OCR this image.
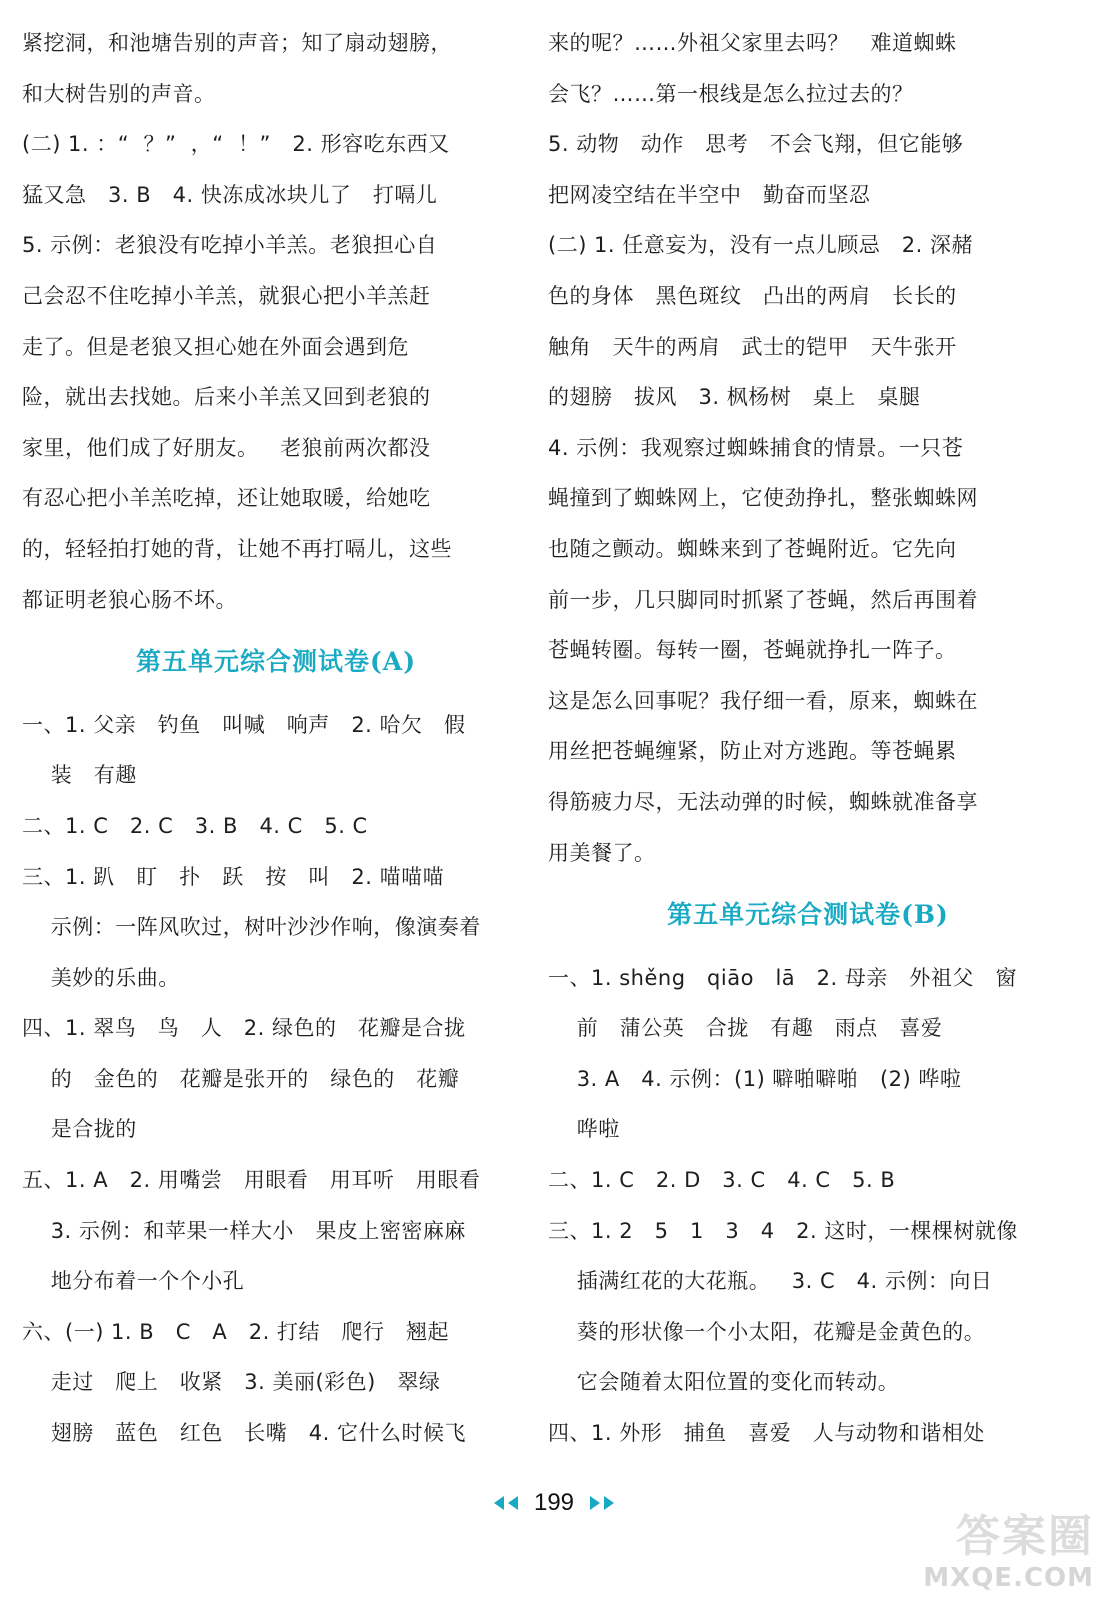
紧挖洞，和池塘告别的声音；知了扇动翅膀，
和大树告别的声音。
(二) 1. ：“  ？”  ，“  ！”   2. 形容吃东西又
猛又急   3. B   4. 快冻成冰块儿了   打嗝儿
5. 示例：老狼没有吃掉小羊羔。老狼担心自
己会忍不住吃掉小羊羔，就狠心把小羊羔赶
走了。但是老狼又担心她在外面会遇到危
险，就出去找她。后来小羊羔又回到老狼的
家里，他们成了好朋友。   老狼前两次都没
有忍心把小羊羔吃掉，还让她取暖，给她吃
的，轻轻拍打她的背，让她不再打嗝儿，这些
都证明老狼心肠不坏。
第五单元综合测试卷(A)
一、1. 父亲   钓鱼   叫喊   响声   2. 哈欠   假
装   有趣
二、1. C   2. C   3. B   4. C   5. C
三、1. 趴   盯   扑   跃   按   叫   2. 喵喵喵
示例：一阵风吹过，树叶沙沙作响，像演奏着
美妙的乐曲。
四、1. 翠鸟   鸟   人   2. 绿色的   花瓣是合拢
的   金色的   花瓣是张开的   绿色的   花瓣
是合拢的
五、1. A   2. 用嘴尝   用眼看   用耳听   用眼看
3. 示例：和苹果一样大小   果皮上密密麻麻
地分布着一个个小孔
六、(一) 1. B   C   A   2. 打结   爬行   翘起
走过   爬上   收紧   3. 美丽(彩色)   翠绿
翅膀   蓝色   红色   长嘴   4. 它什么时候飞
来的呢？……外祖父家里去吗？   难道蜘蛛
会飞？……第一根线是怎么拉过去的？
5. 动物   动作   思考   不会飞翔，但它能够
把网凌空结在半空中   勤奋而坚忍
(二) 1. 任意妄为，没有一点儿顾忌   2. 深赭
色的身体   黑色斑纹   凸出的两肩   长长的
触角   天牛的两肩   武士的铠甲   天牛张开
的翅膀   拔风   3. 枫杨树   桌上   桌腿
4. 示例：我观察过蜘蛛捕食的情景。一只苍
蝇撞到了蜘蛛网上，它使劲挣扎，整张蜘蛛网
也随之颤动。蜘蛛来到了苍蝇附近。它先向
前一步，几只脚同时抓紧了苍蝇，然后再围着
苍蝇转圈。每转一圈，苍蝇就挣扎一阵子。
这是怎么回事呢？我仔细一看，原来，蜘蛛在
用丝把苍蝇缠紧，防止对方逃跑。等苍蝇累
得筋疲力尽，无法动弹的时候，蜘蛛就准备享
用美餐了。
第五单元综合测试卷(B)
一、1. shěng   qiāo   lā   2. 母亲   外祖父   窗
前   蒲公英   合拢   有趣   雨点   喜爱
3. A   4. 示例：(1) 噼啪噼啪   (2) 哗啦
哗啦
二、1. C   2. D   3. C   4. C   5. B
三、1. 2   5   1   3   4   2. 这时，一棵棵树就像
插满红花的大花瓶。   3. C   4. 示例：向日
葵的形状像一个小太阳，花瓣是金黄色的。
它会随着太阳位置的变化而转动。
四、1. 外形   捕鱼   喜爱   人与动物和谐相处
199
答案圈
MXQE.COM
